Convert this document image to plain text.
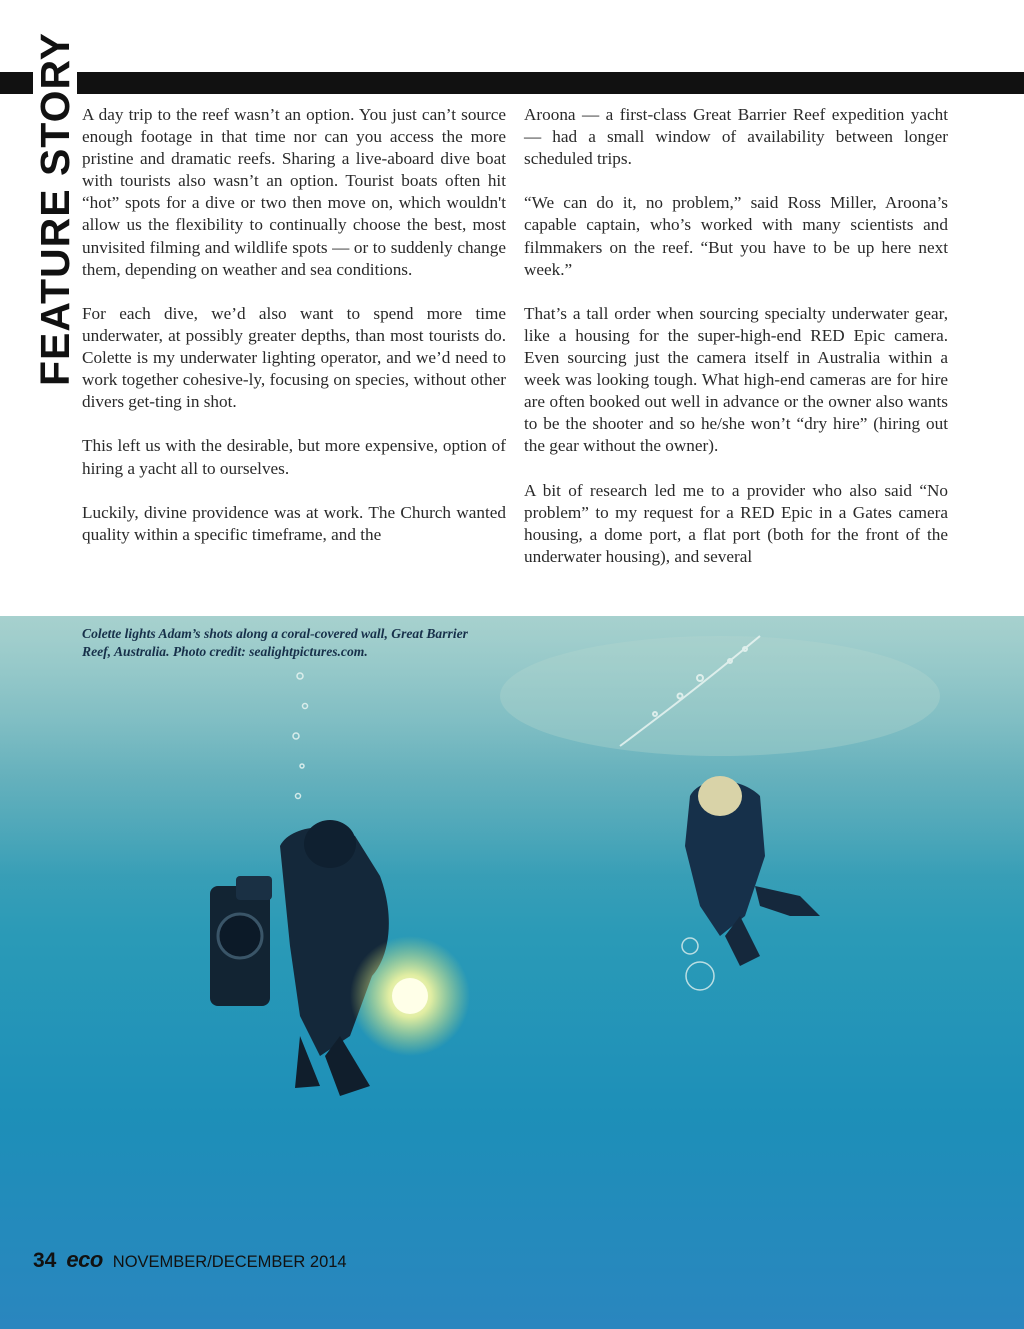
FEATURE STORY A day trip to the reef wasn’t an option. You just can’t source enough footage in that time nor can you access the more pristine and dramatic reefs. Sharing a live-aboard dive boat with tourists also wasn’t an option. Tourist boats often hit “hot” spots for a dive or two then move on, which wouldn't allow us the flexibility to continually choose the best, most unvisited filming and wildlife spots — or to suddenly change them, depending on weather and sea conditions.

For each dive, we’d also want to spend more time underwater, at possibly greater depths, than most tourists do. Colette is my underwater lighting operator, and we’d need to work together cohesive-ly, focusing on species, without other divers get-ting in shot.

This left us with the desirable, but more expensive, option of hiring a yacht all to ourselves.

Luckily, divine providence was at work. The Church wanted quality within a specific timeframe, and the

Aroona — a first-class Great Barrier Reef expedition yacht — had a small window of availability between longer scheduled trips.

“We can do it, no problem,” said Ross Miller, Aroona’s capable captain, who’s worked with many scientists and filmmakers on the reef. “But you have to be up here next week.”

That’s a tall order when sourcing specialty underwater gear, like a housing for the super-high-end RED Epic camera. Even sourcing just the camera itself in Australia within a week was looking tough. What high-end cameras are for hire are often booked out well in advance or the owner also wants to be the shooter and so he/she won’t “dry hire” (hiring out the gear without the owner).

A bit of research led me to a provider who also said “No problem” to my request for a RED Epic in a Gates camera housing, a dome port, a flat port (both for the front of the underwater housing), and several

Colette lights Adam’s shots along a coral-covered wall, Great Barrier Reef, Australia. Photo credit: sealightpictures.com.
34 eco NOVEMBER/DECEMBER 2014
